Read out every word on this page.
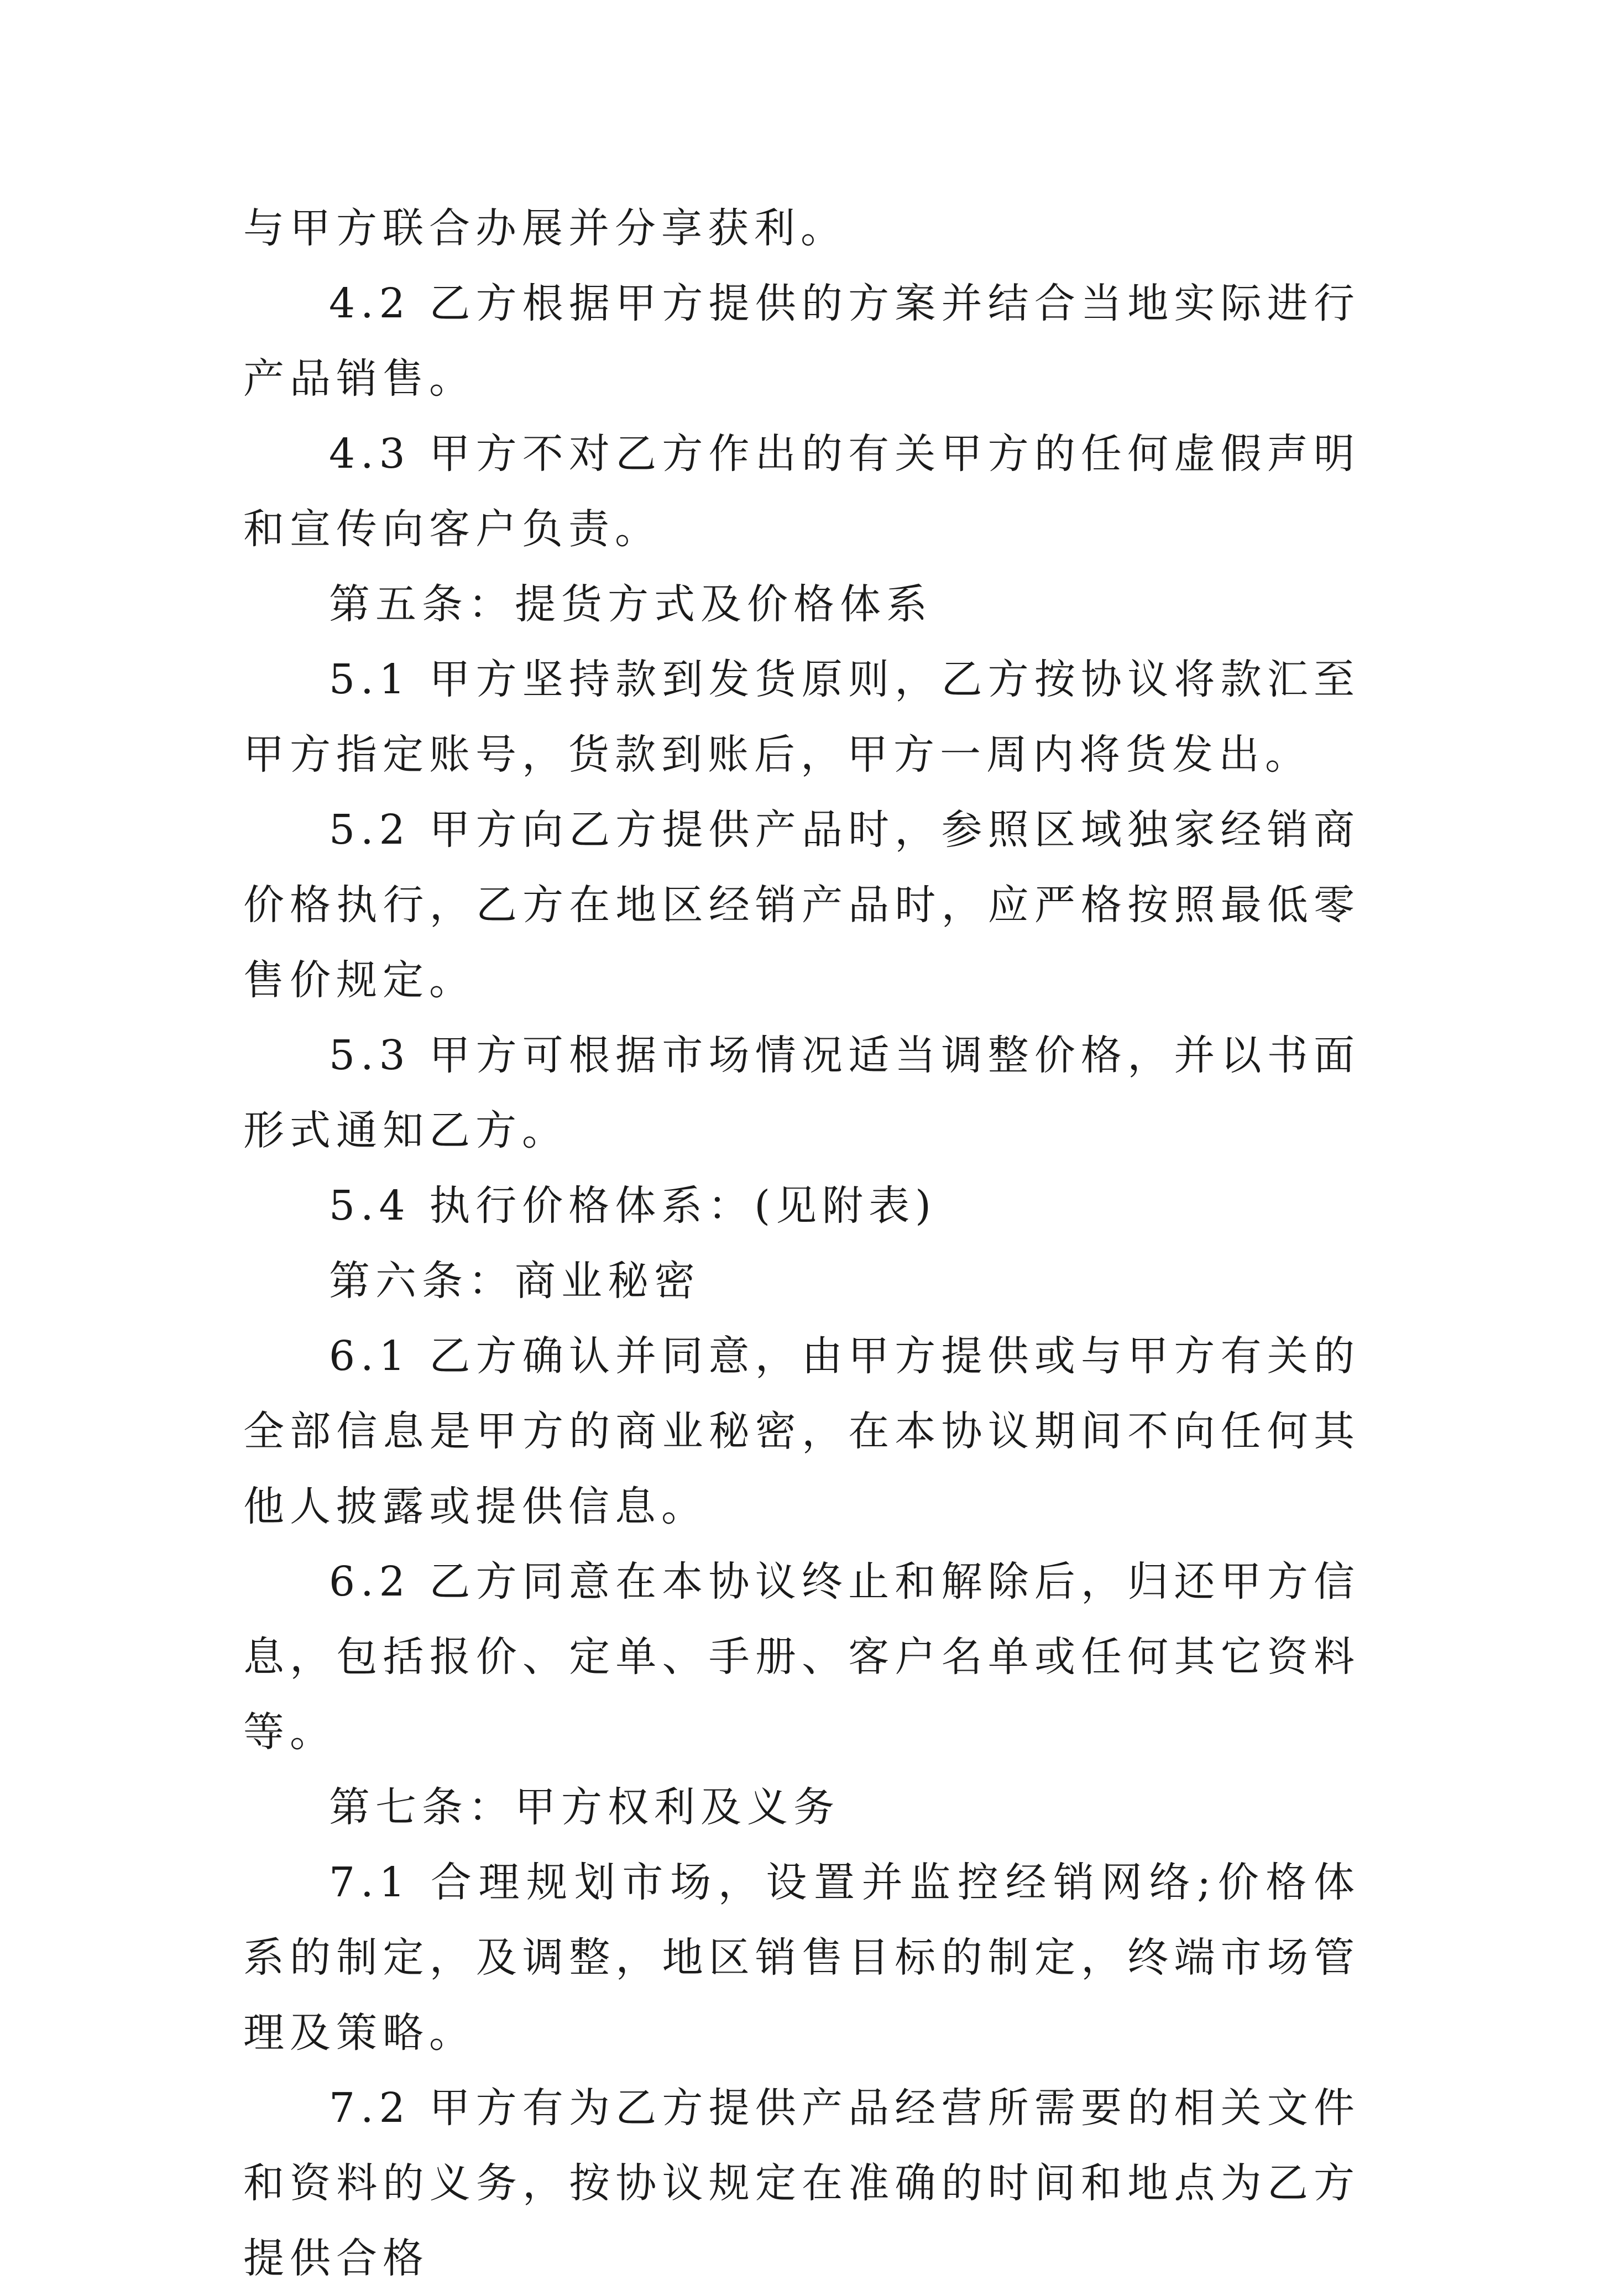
与甲方联合办展并分享获利。

4.2 乙方根据甲方提供的方案并结合当地实际进行产品销售。

4.3 甲方不对乙方作出的有关甲方的任何虚假声明和宣传向客户负责。

第五条：提货方式及价格体系

5.1 甲方坚持款到发货原则，乙方按协议将款汇至甲方指定账号，货款到账后，甲方一周内将货发出。

5.2 甲方向乙方提供产品时，参照区域独家经销商价格执行，乙方在地区经销产品时，应严格按照最低零售价规定。

5.3 甲方可根据市场情况适当调整价格，并以书面形式通知乙方。

5.4 执行价格体系：(见附表)

第六条：商业秘密

6.1 乙方确认并同意，由甲方提供或与甲方有关的全部信息是甲方的商业秘密，在本协议期间不向任何其他人披露或提供信息。

6.2 乙方同意在本协议终止和解除后，归还甲方信息，包括报价、定单、手册、客户名单或任何其它资料等。

第七条：甲方权利及义务

7.1 合理规划市场，设置并监控经销网络;价格体系的制定，及调整，地区销售目标的制定，终端市场管理及策略。

7.2 甲方有为乙方提供产品经营所需要的相关文件和资料的义务，按协议规定在准确的时间和地点为乙方提供合格
